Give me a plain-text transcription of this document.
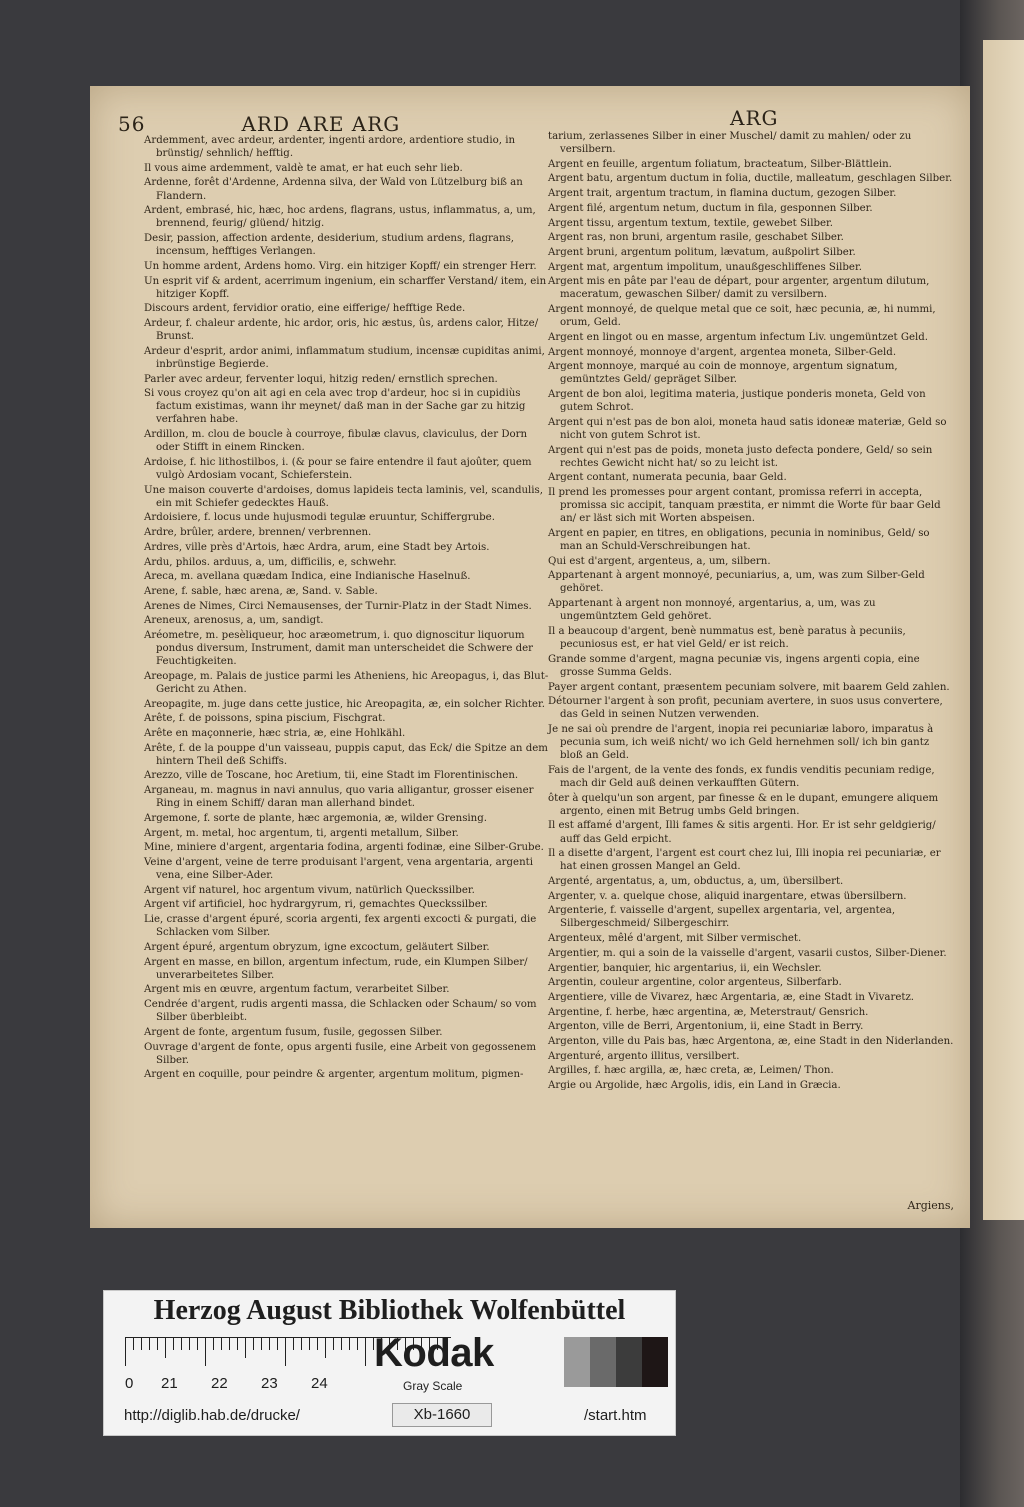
56	ARD ARE ARG	ARG

Ardemment, avec ardeur, ardenter, ingenti ardore, ardentiore studio, in brünstig/ sehnlich/ hefftig.

Il vous aime ardemment, valdè te amat, er hat euch sehr lieb.

Ardenne, forêt d'Ardenne, Ardenna silva, der Wald von Lützelburg biß an Flandern.

Ardent, embrasé, hic, hæc, hoc ardens, flagrans, ustus, inflammatus, a, um, brennend, feurig/ glüend/ hitzig.

Desir, passion, affection ardente, desiderium, studium ardens, flagrans, incensum, hefftiges Verlangen.

Un homme ardent, Ardens homo. Virg. ein hitziger Kopff/ ein strenger Herr.

Un esprit vif & ardent, acerrimum ingenium, ein scharffer Verstand/ item, ein hitziger Kopff.

Discours ardent, fervidior oratio, eine eifferige/ hefftige Rede.

Ardeur, f. chaleur ardente, hic ardor, oris, hic æstus, ûs, ardens calor, Hitze/ Brunst.

Ardeur d'esprit, ardor animi, inflammatum studium, incensæ cupiditas animi, inbrünstige Begierde.

Parler avec ardeur, ferventer loqui, hitzig reden/ ernstlich sprechen.

Si vous croyez qu'on ait agi en cela avec trop d'ardeur, hoc si in cupidiùs factum existimas, wann ihr meynet/ daß man in der Sache gar zu hitzig verfahren habe.

Ardillon, m. clou de boucle à courroye, fibulæ clavus, claviculus, der Dorn oder Stifft in einem Rincken.

Ardoise, f. hic lithostilbos, i. (& pour se faire entendre il faut ajoûter, quem vulgò Ardosiam vocant, Schieferstein.

Une maison couverte d'ardoises, domus lapideis tecta laminis, vel, scandulis, ein mit Schiefer gedecktes Hauß.

Ardoisiere, f. locus unde hujusmodi tegulæ eruuntur, Schiffergrube.

Ardre, brûler, ardere, brennen/ verbrennen.

Ardres, ville près d'Artois, hæc Ardra, arum, eine Stadt bey Artois.

Ardu, philos. arduus, a, um, difficilis, e, schwehr.

Areca, m. avellana quædam Indica, eine Indianische Haselnuß.

Arene, f. sable, hæc arena, æ, Sand. v. Sable.

Arenes de Nimes, Circi Nemausenses, der Turnir-Platz in der Stadt Nimes.

Areneux, arenosus, a, um, sandigt.

Aréometre, m. pesèliqueur, hoc aræometrum, i. quo dignoscitur liquorum pondus diversum, Instrument, damit man unterscheidet die Schwere der Feuchtigkeiten.

Areopage, m. Palais de justice parmi les Atheniens, hic Areopagus, i, das Blut-Gericht zu Athen.

Areopagite, m. juge dans cette justice, hic Areopagita, æ, ein solcher Richter.

Arête, f. de poissons, spina piscium, Fischgrat.

Arête en maçonnerie, hæc stria, æ, eine Hohlkähl.

Arête, f. de la pouppe d'un vaisseau, puppis caput, das Eck/ die Spitze an dem hintern Theil deß Schiffs.

Arezzo, ville de Toscane, hoc Aretium, tii, eine Stadt im Florentinischen.

Arganeau, m. magnus in navi annulus, quo varia alligantur, grosser eisener Ring in einem Schiff/ daran man allerhand bindet.

Argemone, f. sorte de plante, hæc argemonia, æ, wilder Grensing.

Argent, m. metal, hoc argentum, ti, argenti metallum, Silber.

Mine, miniere d'argent, argentaria fodina, argenti fodinæ, eine Silber-Grube.

Veine d'argent, veine de terre produisant l'argent, vena argentaria, argenti vena, eine Silber-Ader.

Argent vif naturel, hoc argentum vivum, natürlich Queckssilber.

Argent vif artificiel, hoc hydrargyrum, ri, gemachtes Queckssilber.

Lie, crasse d'argent épuré, scoria argenti, fex argenti excocti & purgati, die Schlacken vom Silber.

Argent épuré, argentum obryzum, igne excoctum, geläutert Silber.

Argent en masse, en billon, argentum infectum, rude, ein Klumpen Silber/ unverarbeitetes Silber.

Argent mis en œuvre, argentum factum, verarbeitet Silber.

Cendrée d'argent, rudis argenti massa, die Schlacken oder Schaum/ so vom Silber überbleibt.

Argent de fonte, argentum fusum, fusile, gegossen Silber.

Ouvrage d'argent de fonte, opus argenti fusile, eine Arbeit von gegossenem Silber.

Argent en coquille, pour peindre & argenter, argentum molitum, pigmen-

tarium, zerlassenes Silber in einer Muschel/ damit zu mahlen/ oder zu versilbern.

Argent en feuille, argentum foliatum, bracteatum, Silber-Blättlein.

Argent batu, argentum ductum in folia, ductile, malleatum, geschlagen Silber.

Argent trait, argentum tractum, in flamina ductum, gezogen Silber.

Argent filé, argentum netum, ductum in fila, gesponnen Silber.

Argent tissu, argentum textum, textile, gewebet Silber.

Argent ras, non bruni, argentum rasile, geschabet Silber.

Argent bruni, argentum politum, lævatum, außpolirt Silber.

Argent mat, argentum impolitum, unaußgeschliffenes Silber.

Argent mis en pâte par l'eau de départ, pour argenter, argentum dilutum, maceratum, gewaschen Silber/ damit zu versilbern.

Argent monnoyé, de quelque metal que ce soit, hæc pecunia, æ, hi nummi, orum, Geld.

Argent en lingot ou en masse, argentum infectum Liv. ungemüntzet Geld.

Argent monnoyé, monnoye d'argent, argentea moneta, Silber-Geld.

Argent monnoye, marqué au coin de monnoye, argentum signatum, gemüntztes Geld/ gepräget Silber.

Argent de bon aloi, legitima materia, justique ponderis moneta, Geld von gutem Schrot.

Argent qui n'est pas de bon aloi, moneta haud satis idoneæ materiæ, Geld so nicht von gutem Schrot ist.

Argent qui n'est pas de poids, moneta justo defecta pondere, Geld/ so sein rechtes Gewicht nicht hat/ so zu leicht ist.

Argent contant, numerata pecunia, baar Geld.

Il prend les promesses pour argent contant, promissa referri in accepta, promissa sic accipit, tanquam præstita, er nimmt die Worte für baar Geld an/ er läst sich mit Worten abspeisen.

Argent en papier, en titres, en obligations, pecunia in nominibus, Geld/ so man an Schuld-Verschreibungen hat.

Qui est d'argent, argenteus, a, um, silbern.

Appartenant à argent monnoyé, pecuniarius, a, um, was zum Silber-Geld gehöret.

Appartenant à argent non monnoyé, argentarius, a, um, was zu ungemüntztem Geld gehöret.

Il a beaucoup d'argent, benè nummatus est, benè paratus à pecuniis, pecuniosus est, er hat viel Geld/ er ist reich.

Grande somme d'argent, magna pecuniæ vis, ingens argenti copia, eine grosse Summa Gelds.

Payer argent contant, præsentem pecuniam solvere, mit baarem Geld zahlen.

Détourner l'argent à son profit, pecuniam avertere, in suos usus convertere, das Geld in seinen Nutzen verwenden.

Je ne sai où prendre de l'argent, inopia rei pecuniariæ laboro, imparatus à pecunia sum, ich weiß nicht/ wo ich Geld hernehmen soll/ ich bin gantz bloß an Geld.

Fais de l'argent, de la vente des fonds, ex fundis venditis pecuniam redige, mach dir Geld auß deinen verkaufften Gütern.

ôter à quelqu'un son argent, par finesse & en le dupant, emungere aliquem argento, einen mit Betrug umbs Geld bringen.

Il est affamé d'argent, Illi fames & sitis argenti. Hor. Er ist sehr geldgierig/ auff das Geld erpicht.

Il a disette d'argent, l'argent est court chez lui, Illi inopia rei pecuniariæ, er hat einen grossen Mangel an Geld.

Argenté, argentatus, a, um, obductus, a, um, übersilbert.

Argenter, v. a. quelque chose, aliquid inargentare, etwas übersilbern.

Argenterie, f. vaisselle d'argent, supellex argentaria, vel, argentea, Silbergeschmeid/ Silbergeschirr.

Argenteux, mêlé d'argent, mit Silber vermischet.

Argentier, m. qui a soin de la vaisselle d'argent, vasarii custos, Silber-Diener.

Argentier, banquier, hic argentarius, ii, ein Wechsler.

Argentin, couleur argentine, color argenteus, Silberfarb.

Argentiere, ville de Vivarez, hæc Argentaria, æ, eine Stadt in Vivaretz.

Argentine, f. herbe, hæc argentina, æ, Meterstraut/ Gensrich.

Argenton, ville de Berri, Argentonium, ii, eine Stadt in Berry.

Argenton, ville du Pais bas, hæc Argentona, æ, eine Stadt in den Niderlanden.

Argenturé, argento illitus, versilbert.

Argilles, f. hæc argilla, æ, hæc creta, æ, Leimen/ Thon.

Argie ou Argolide, hæc Argolis, idis, ein Land in Græcia.

Argiens,
Herzog August Bibliothek Wolfenbüttel
0 21 22 23 24
Kodak
Gray Scale
http://diglib.hab.de/drucke/	Xb-1660	/start.htm
